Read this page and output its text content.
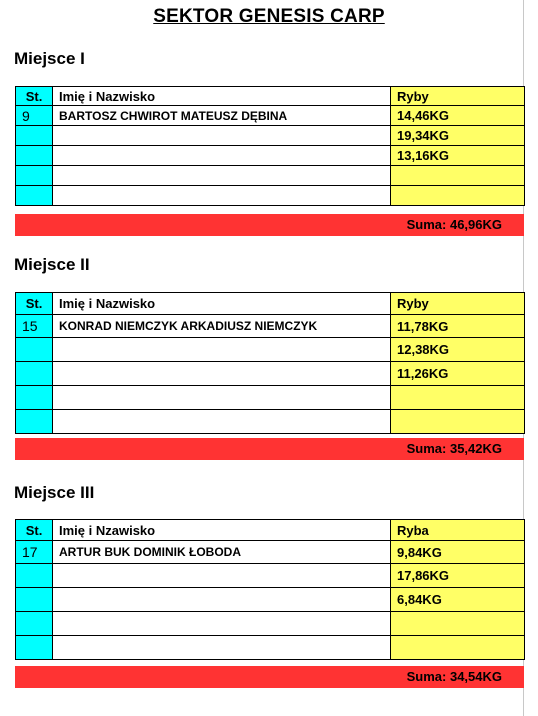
SEKTOR GENESIS CARP
Miejsce I
St.	Imię i Nazwisko	Ryby
9	BARTOSZ CHWIROT MATEUSZ DĘBINA	14,46KG
		19,34KG
		13,16KG

Suma: 46,96KG
Miejsce II
St.	Imię i Nazwisko	Ryby
15	KONRAD NIEMCZYK ARKADIUSZ NIEMCZYK	11,78KG
		12,38KG
		11,26KG

Suma: 35,42KG
Miejsce III
St.	Imię i Nzawisko	Ryba
17	ARTUR BUK DOMINIK ŁOBODA	9,84KG
		17,86KG
		6,84KG

Suma: 34,54KG
